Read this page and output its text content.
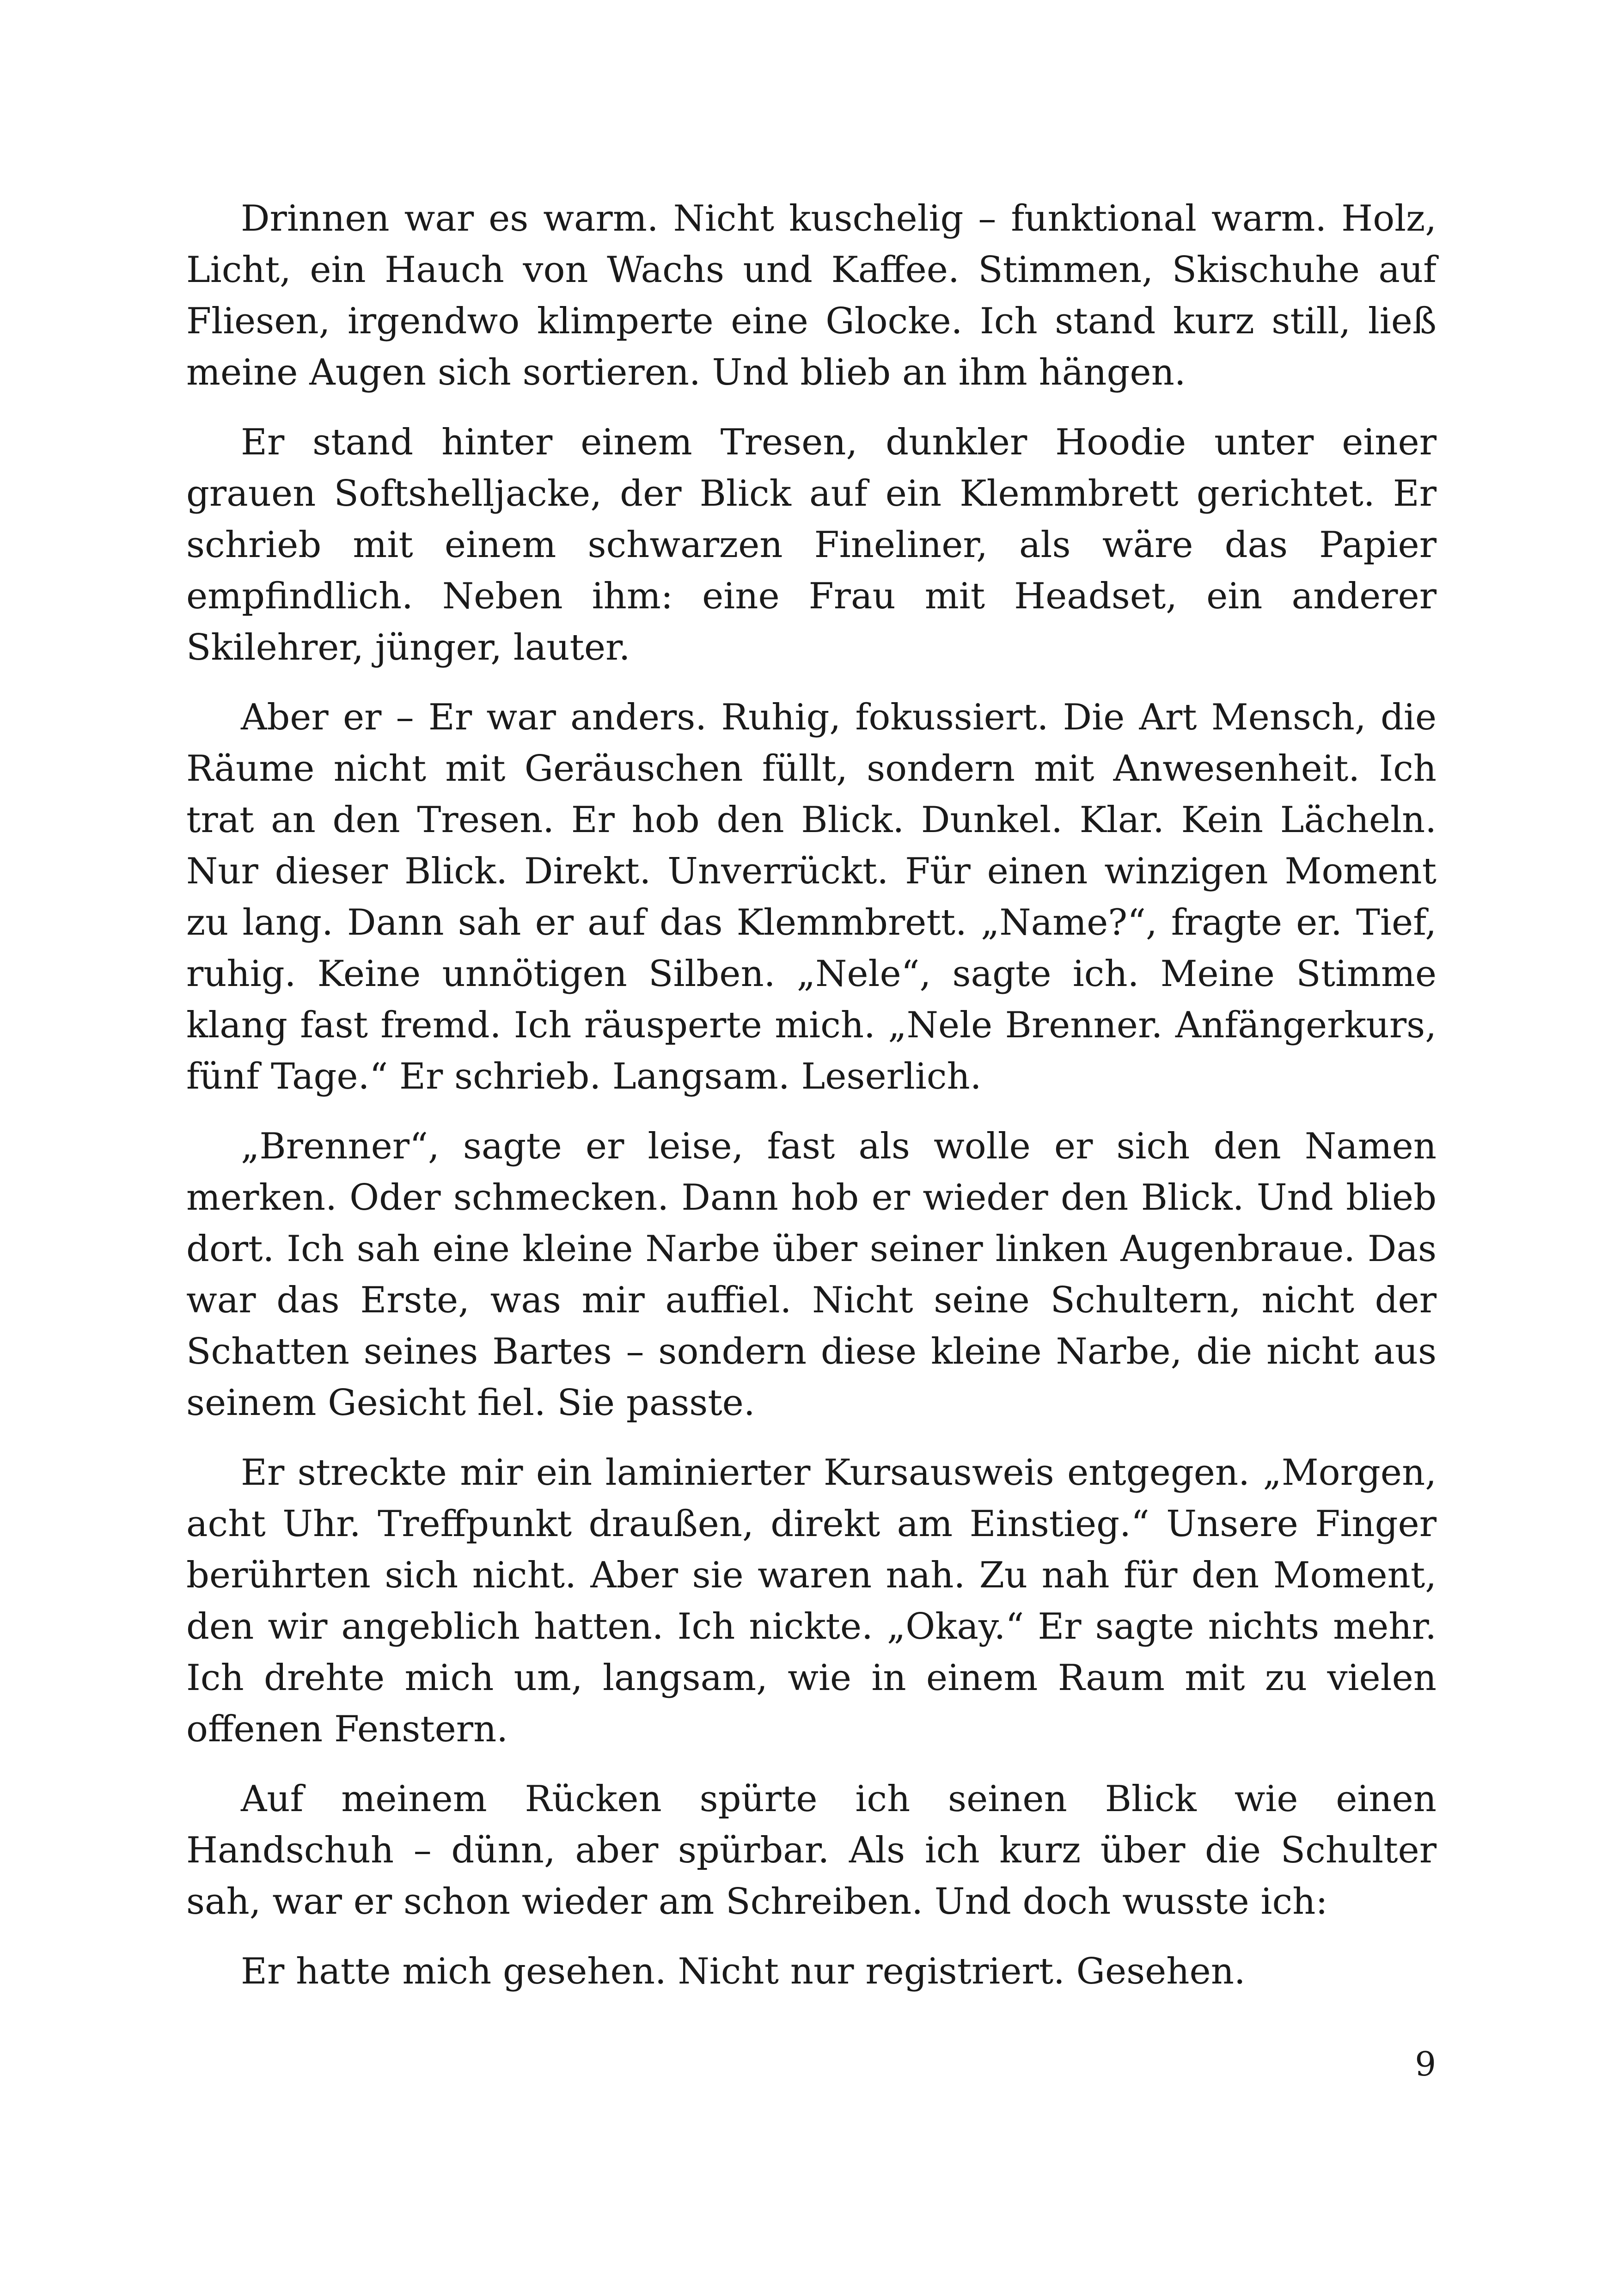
Drinnen war es warm. Nicht kuschelig – funktional warm. Holz, Licht, ein Hauch von Wachs und Kaffee. Stimmen, Skischuhe auf Fliesen, irgendwo klimperte eine Glocke. Ich stand kurz still, ließ meine Augen sich sortieren. Und blieb an ihm hängen.

Er stand hinter einem Tresen, dunkler Hoodie unter einer grauen Softshelljacke, der Blick auf ein Klemmbrett gerichtet. Er schrieb mit einem schwarzen Fineliner, als wäre das Papier empfindlich. Neben ihm: eine Frau mit Headset, ein anderer Skilehrer, jünger, lauter.

Aber er – Er war anders. Ruhig, fokussiert. Die Art Mensch, die Räume nicht mit Geräuschen füllt, sondern mit Anwesenheit. Ich trat an den Tresen. Er hob den Blick. Dunkel. Klar. Kein Lächeln. Nur dieser Blick. Direkt. Unverrückt. Für einen winzigen Moment zu lang. Dann sah er auf das Klemmbrett. „Name?“, fragte er. Tief, ruhig. Keine unnötigen Silben. „Nele“, sagte ich. Meine Stimme klang fast fremd. Ich räusperte mich. „Nele Brenner. Anfängerkurs, fünf Tage.“ Er schrieb. Langsam. Leserlich.

„Brenner“, sagte er leise, fast als wolle er sich den Namen merken. Oder schmecken. Dann hob er wieder den Blick. Und blieb dort. Ich sah eine kleine Narbe über seiner linken Augenbraue. Das war das Erste, was mir auffiel. Nicht seine Schultern, nicht der Schatten seines Bartes – sondern diese kleine Narbe, die nicht aus seinem Gesicht fiel. Sie passte.

Er streckte mir ein laminierter Kursausweis entgegen. „Morgen, acht Uhr. Treffpunkt draußen, direkt am Einstieg.“ Unsere Finger berührten sich nicht. Aber sie waren nah. Zu nah für den Moment, den wir angeblich hatten. Ich nickte. „Okay.“ Er sagte nichts mehr. Ich drehte mich um, langsam, wie in einem Raum mit zu vielen offenen Fenstern.

Auf meinem Rücken spürte ich seinen Blick wie einen Handschuh – dünn, aber spürbar. Als ich kurz über die Schulter sah, war er schon wieder am Schreiben. Und doch wusste ich:

Er hatte mich gesehen. Nicht nur registriert. Gesehen.

9
